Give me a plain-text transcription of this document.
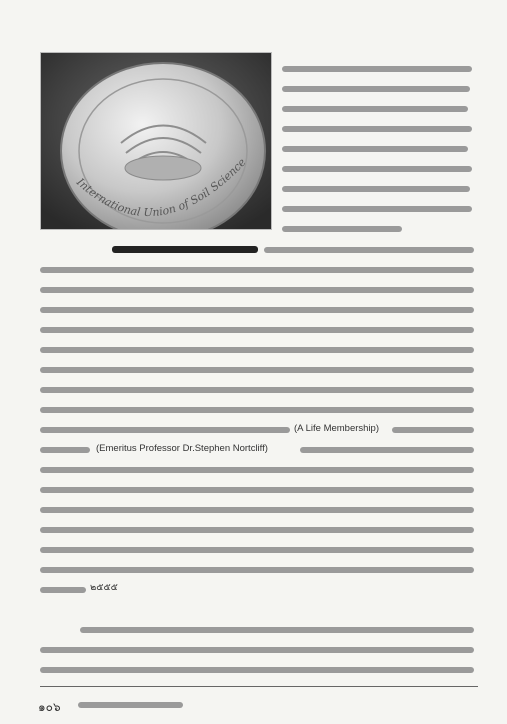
International Union of Soil Science
(A Life Membership)
(Emeritus Professor Dr.Stephen Nortcliff)
๒๕๕๕
๑๐๖
